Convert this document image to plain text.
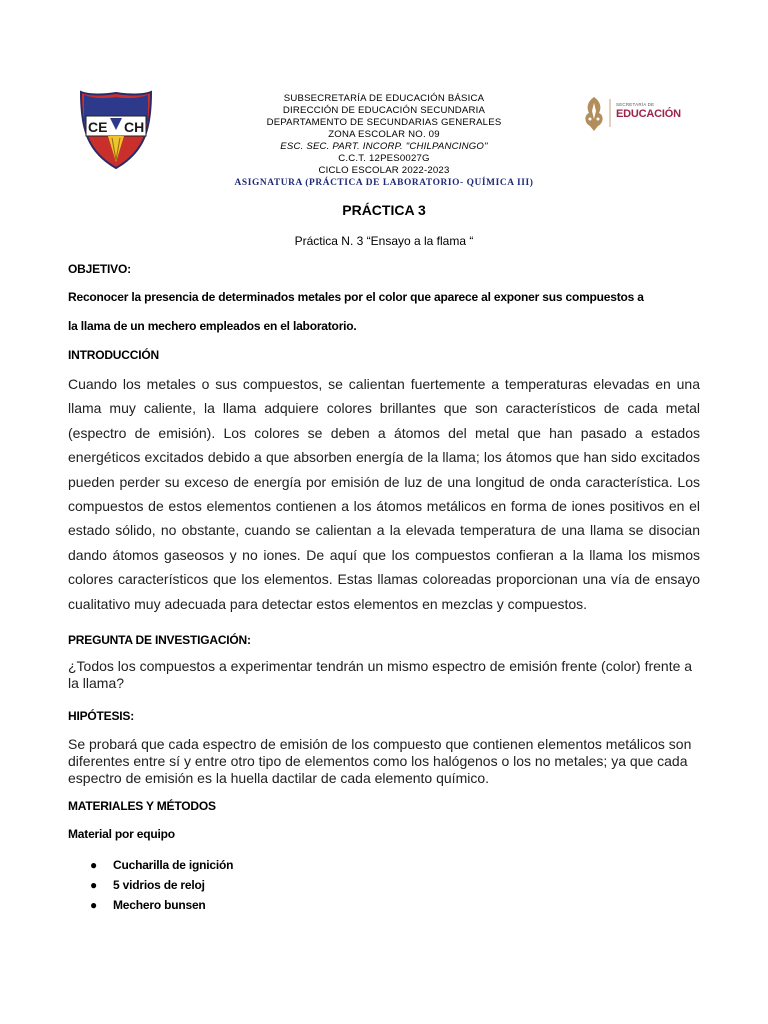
CE CH
SECRETARÍA DE
EDUCACIÓN
SUBSECRETARÍA DE EDUCACIÓN BÁSICA
DIRECCIÓN DE EDUCACIÓN SECUNDARIA
DEPARTAMENTO DE SECUNDARIAS GENERALES
ZONA ESCOLAR NO. 09
ESC. SEC. PART. INCORP. "CHILPANCINGO"
C.C.T. 12PES0027G
CICLO ESCOLAR 2022-2023
ASIGNATURA (PRÁCTICA DE LABORATORIO- QUÍMICA III)
PRÁCTICA 3
Práctica N. 3 “Ensayo a la flama “
OBJETIVO:
Reconocer la presencia de determinados metales por el color que aparece al exponer sus compuestos a
la llama de un mechero empleados en el laboratorio.
INTRODUCCIÓN
Cuando los metales o sus compuestos, se calientan fuertemente a temperaturas elevadas en una llama muy caliente, la llama adquiere colores brillantes que son característicos de cada metal (espectro de emisión). Los colores se deben a átomos del metal que han pasado a estados energéticos excitados debido a que absorben energía de la llama; los átomos que han sido excitados pueden perder su exceso de energía por emisión de luz de una longitud de onda característica. Los compuestos de estos elementos contienen a los átomos metálicos en forma de iones positivos en el estado sólido, no obstante, cuando se calientan a la elevada temperatura de una llama se disocian dando átomos gaseosos y no iones. De aquí que los compuestos confieran a la llama los mismos colores característicos que los elementos. Estas llamas coloreadas proporcionan una vía de ensayo cualitativo muy adecuada para detectar estos elementos en mezclas y compuestos.
PREGUNTA DE INVESTIGACIÓN:
¿Todos los compuestos a experimentar tendrán un mismo espectro de emisión frente (color) frente a la llama?
HIPÓTESIS:
Se probará que cada espectro de emisión de los compuesto que contienen elementos metálicos son diferentes entre sí y entre otro tipo de elementos como los halógenos o los no metales; ya que cada espectro de emisión es la huella dactilar de cada elemento químico.
MATERIALES Y MÉTODOS
Material por equipo
● Cucharilla de ignición
● 5 vidrios de reloj
● Mechero bunsen
